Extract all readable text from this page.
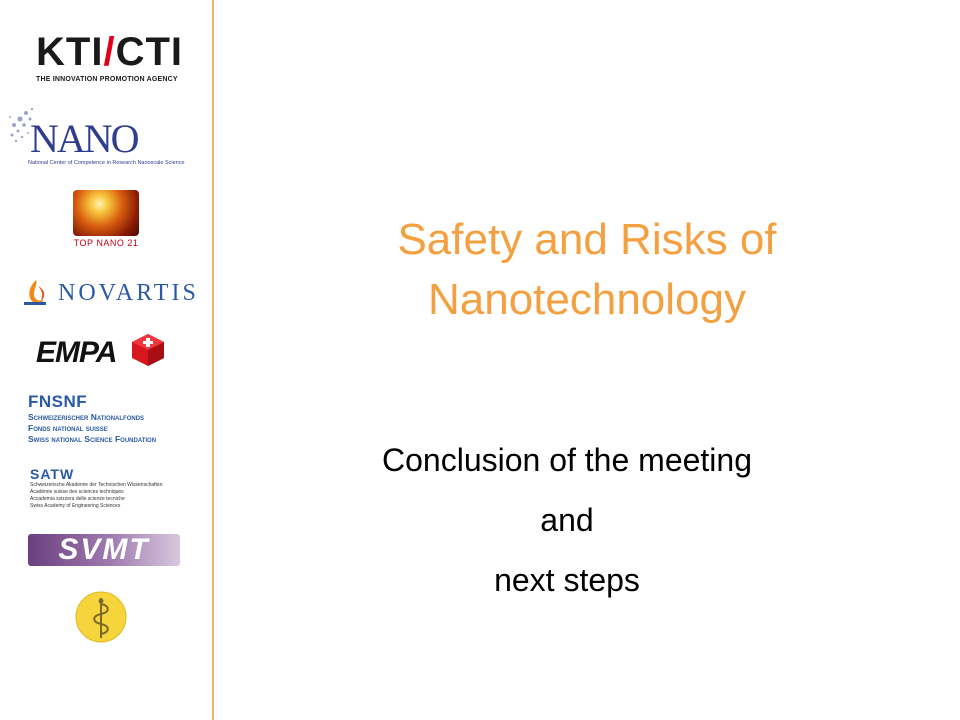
KTI/CTI
THE INNOVATION PROMOTION AGENCY
NANO
National Center of Competence in Research Nanoscale Science
TOP NANO 21
NOVARTIS
EMPA
FNSNF
Schweizerischer Nationalfonds
Fonds national suisse
Swiss national Science Foundation
SATW
Schweizerische Akademie der Technischen Wissenschaften
Académie suisse des sciences techniques
Accademia svizzera delle scienze tecniche
Swiss Academy of Engineering Sciences
SVMT
Safety and Risks of
Nanotechnology
Conclusion of the meeting
and
next steps
